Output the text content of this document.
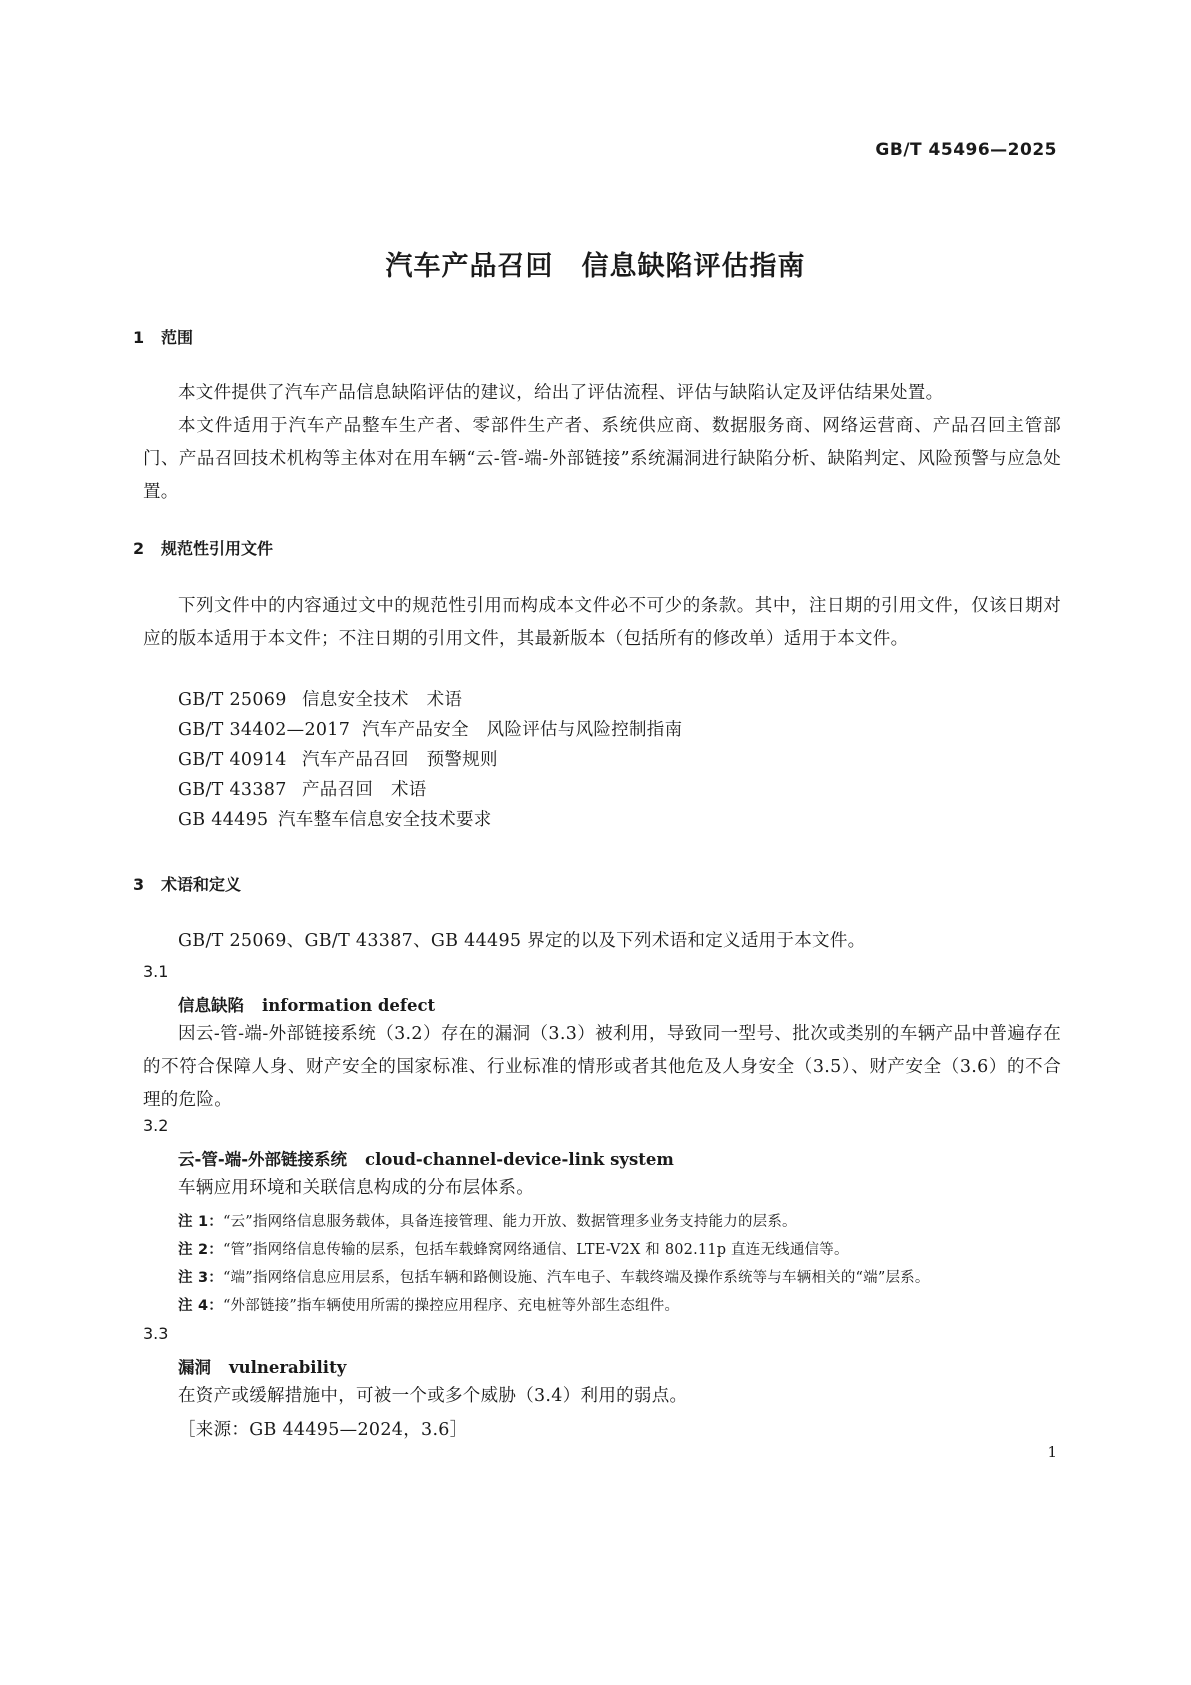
GB/T 45496—2025
汽车产品召回　信息缺陷评估指南
1 范围
本文件提供了汽车产品信息缺陷评估的建议，给出了评估流程、评估与缺陷认定及评估结果处置。
本文件适用于汽车产品整车生产者、零部件生产者、系统供应商、数据服务商、网络运营商、产品召回主管部门、产品召回技术机构等主体对在用车辆“云-管-端-外部链接”系统漏洞进行缺陷分析、缺陷判定、风险预警与应急处置。
2 规范性引用文件
下列文件中的内容通过文中的规范性引用而构成本文件必不可少的条款。其中，注日期的引用文件，仅该日期对应的版本适用于本文件；不注日期的引用文件，其最新版本（包括所有的修改单）适用于本文件。
GB/T 25069 信息安全技术　术语
GB/T 34402—2017 汽车产品安全　风险评估与风险控制指南
GB/T 40914 汽车产品召回　预警规则
GB/T 43387 产品召回　术语
GB 44495 汽车整车信息安全技术要求
3 术语和定义
GB/T 25069、GB/T 43387、GB 44495 界定的以及下列术语和定义适用于本文件。
3.1
信息缺陷 information defect
因云-管-端-外部链接系统（3.2）存在的漏洞（3.3）被利用，导致同一型号、批次或类别的车辆产品中普遍存在的不符合保障人身、财产安全的国家标准、行业标准的情形或者其他危及人身安全（3.5）、财产安全（3.6）的不合理的危险。
3.2
云-管-端-外部链接系统 cloud-channel-device-link system
车辆应用环境和关联信息构成的分布层体系。
注 1：“云”指网络信息服务载体，具备连接管理、能力开放、数据管理多业务支持能力的层系。
注 2：“管”指网络信息传输的层系，包括车载蜂窝网络通信、LTE-V2X 和 802.11p 直连无线通信等。
注 3：“端”指网络信息应用层系，包括车辆和路侧设施、汽车电子、车载终端及操作系统等与车辆相关的“端”层系。
注 4：“外部链接”指车辆使用所需的操控应用程序、充电桩等外部生态组件。
3.3
漏洞 vulnerability
在资产或缓解措施中，可被一个或多个威胁（3.4）利用的弱点。
［来源：GB 44495—2024，3.6］
1
